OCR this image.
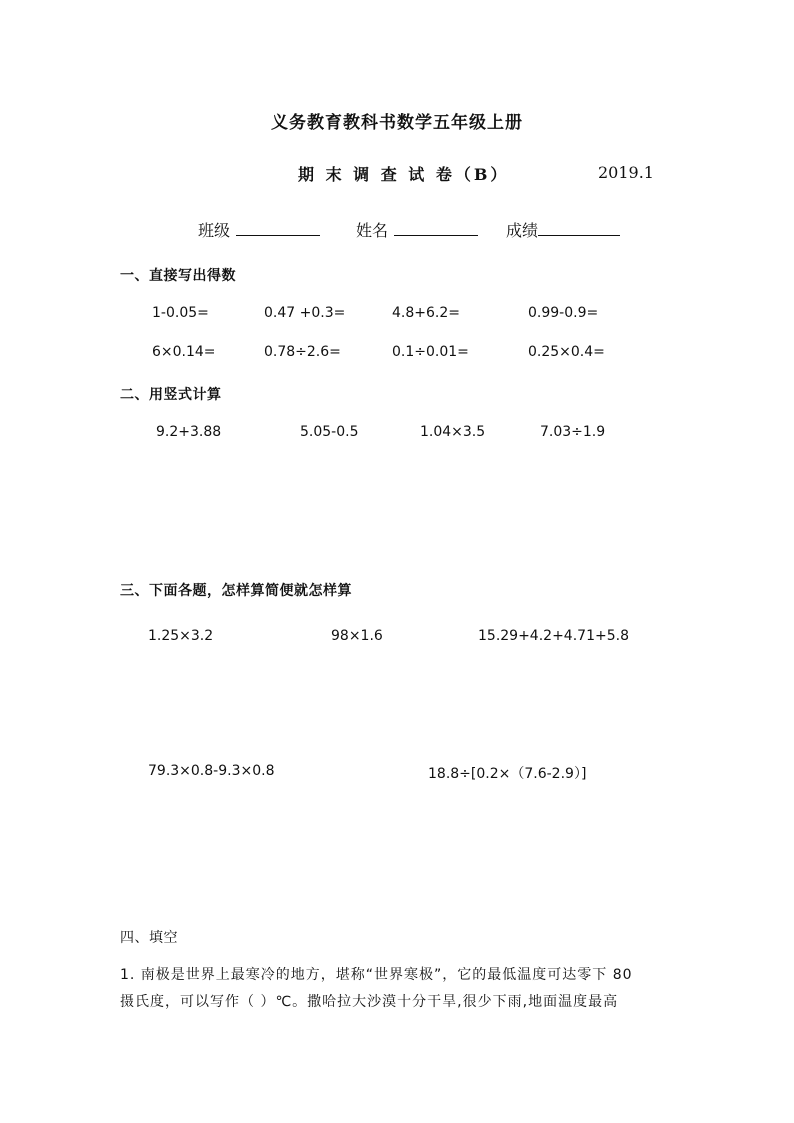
义务教育教科书数学五年级上册
期 末 调 查 试 卷（B）	2019.1
班级	姓名	成绩
一、直接写出得数
1-0.05=	0.47 +0.3=	4.8+6.2=	0.99-0.9=
6×0.14=	0.78÷2.6=	0.1÷0.01=	0.25×0.4=
二、用竖式计算
9.2+3.88	5.05-0.5	1.04×3.5	7.03÷1.9
三、下面各题，怎样算简便就怎样算
1.25×3.2	98×1.6	15.29+4.2+4.71+5.8
79.3×0.8-9.3×0.8	18.8÷[0.2×（7.6-2.9）]
四、填空
1. 南极是世界上最寒冷的地方，堪称“世界寒极”，它的最低温度可达零下 80
摄氏度，可以写作（ ）℃。撒哈拉大沙漠十分干旱,很少下雨,地面温度最高
